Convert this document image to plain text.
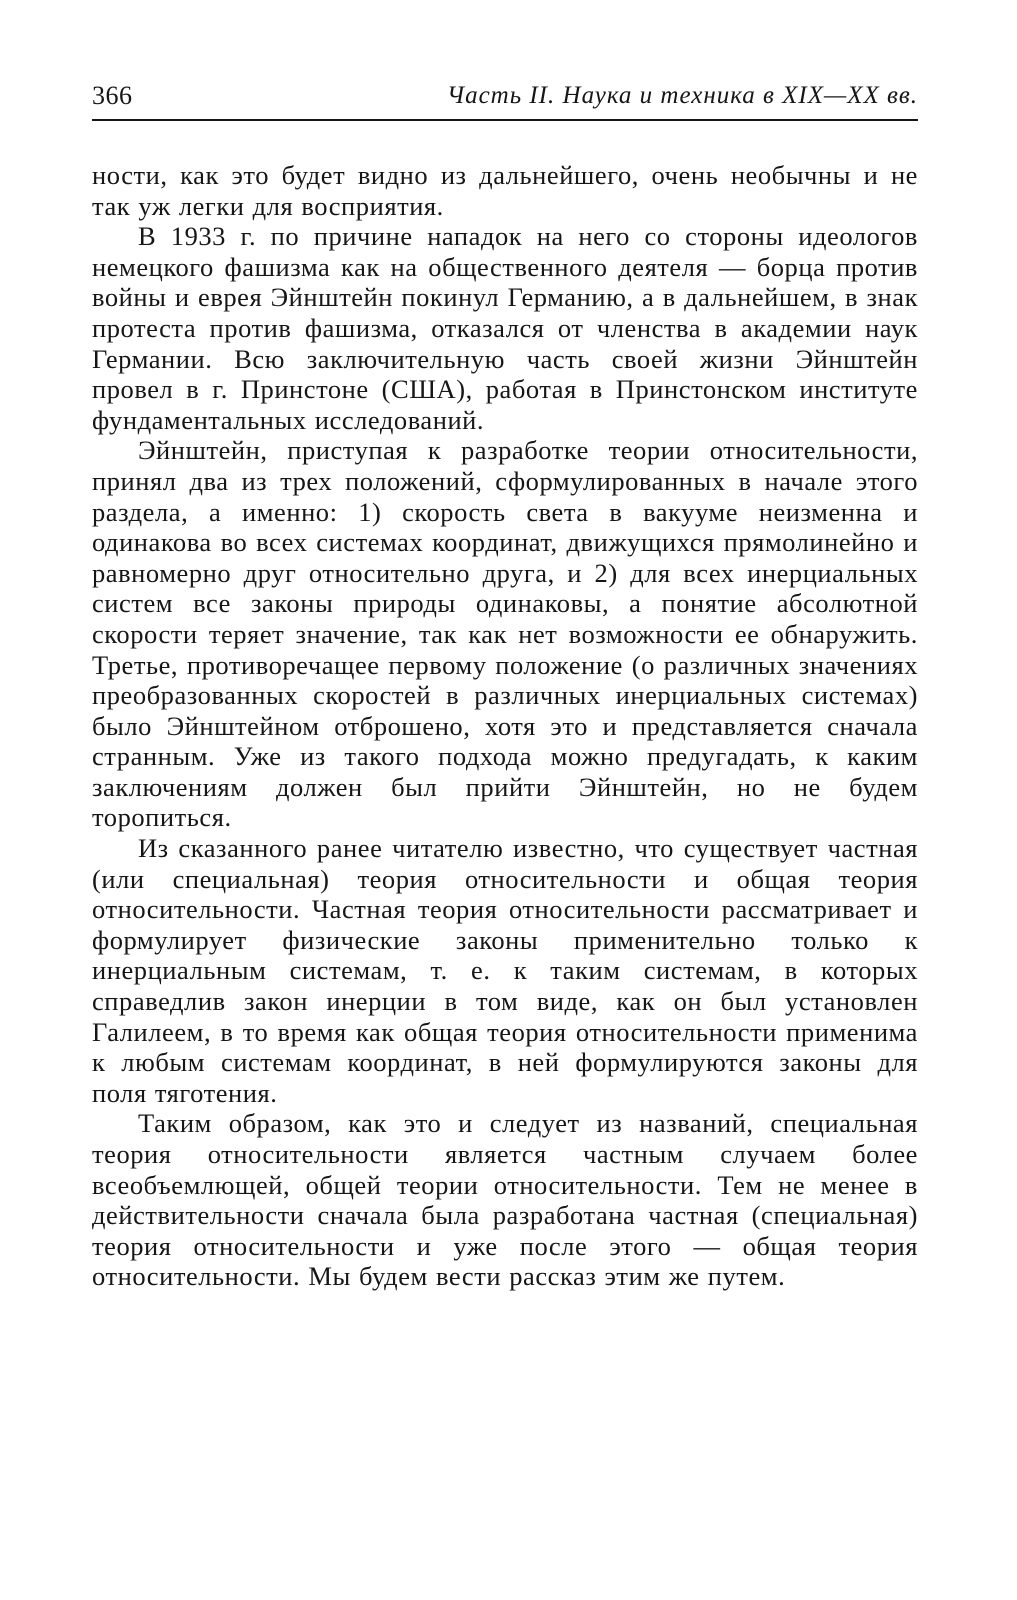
366	Часть II. Наука и техника в XIX—XX вв.

ности, как это будет видно из дальнейшего, очень необычны и не так уж легки для восприятия.

В 1933 г. по причине нападок на него со стороны идеологов немецкого фашизма как на общественного деятеля — борца против войны и еврея Эйнштейн покинул Германию, а в дальнейшем, в знак протеста против фашизма, отказался от членства в академии наук Германии. Всю заключительную часть своей жизни Эйнштейн провел в г. Принстоне (США), работая в Принстонском институте фундаментальных исследований.

Эйнштейн, приступая к разработке теории относительности, принял два из трех положений, сформулированных в начале этого раздела, а именно: 1) скорость света в вакууме неизменна и одинакова во всех системах координат, движущихся прямолинейно и равномерно друг относительно друга, и 2) для всех инерциальных систем все законы природы одинаковы, а понятие абсолютной скорости теряет значение, так как нет возможности ее обнаружить. Третье, противоречащее первому положение (о различных значениях преобразованных скоростей в различных инерциальных системах) было Эйнштейном отброшено, хотя это и представляется сначала странным. Уже из такого подхода можно предугадать, к каким заключениям должен был прийти Эйнштейн, но не будем торопиться.

Из сказанного ранее читателю известно, что существует частная (или специальная) теория относительности и общая теория относительности. Частная теория относительности рассматривает и формулирует физические законы применительно только к инерциальным системам, т. е. к таким системам, в которых справедлив закон инерции в том виде, как он был установлен Галилеем, в то время как общая теория относительности применима к любым системам координат, в ней формулируются законы для поля тяготения.

Таким образом, как это и следует из названий, специальная теория относительности является частным случаем более всеобъемлющей, общей теории относительности. Тем не менее в действительности сначала была разработана частная (специальная) теория относительности и уже после этого — общая теория относительности. Мы будем вести рассказ этим же путем.
